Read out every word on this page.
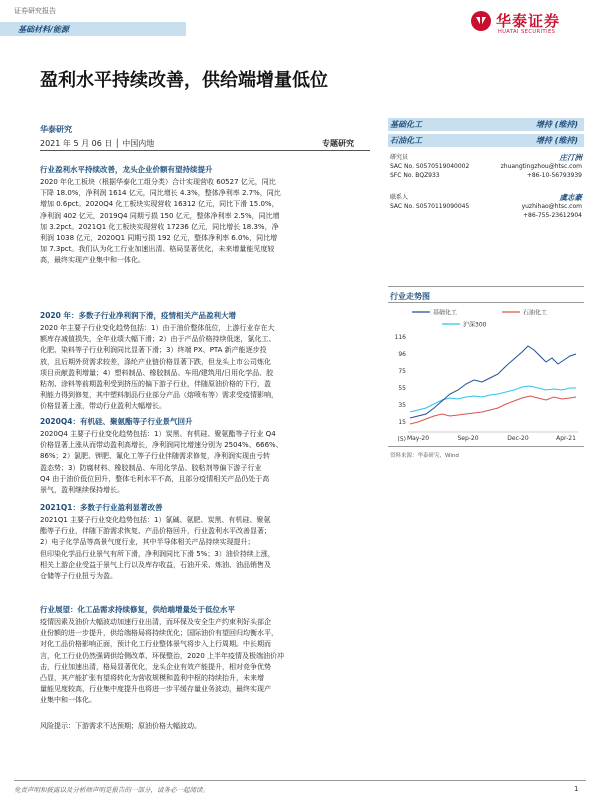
证券研究报告
基础材料/能源	华泰证券
HUATAI SECURITIES
盈利水平持续改善，供给端增量低位
华泰研究
2021 年 5 月 06 日 │ 中国内地	专题研究
行业盈利水平持续改善，龙头企业价额有望持续提升
2020 年化工板块（根据华泰化工组分类）合计实现营收 60527 亿元，同比
下降 18.0%，净利润 1614 亿元，同比增长 4.3%，整体净利率 2.7%，同比
增加 0.6pct。2020Q4 化工板块实现营收 16312 亿元，同比下滑 15.0%，
净利润 402 亿元，2019Q4 同期亏损 150 亿元，整体净利率 2.5%，同比增
加 3.2pct。2021Q1 化工板块实现营收 17236 亿元，同比增长 18.3%，净
利润 1038 亿元，2020Q1 同期亏损 192 亿元，整体净利率 6.0%，同比增
加 7.3pct。我们认为化工行业加速出清、格局显著优化，未来增量能见度较
高，最终实现产业集中和一体化。
2020 年：多数子行业净利润下滑，疫情相关产品盈利大增
2020 年主要子行业变化趋势包括：1）由于油价整体低位，上游行业存在大
额库存减值损失，全年业绩大幅下滑；2）由于产品价格持续低迷，氯化工、
化肥、染料等子行业利润同比显著下滑；3）终端 PX、PTA 新产能逐步投
放，且后期外贸需求较差，涤纶产业链价格显著下跌，但龙头上市公司炼化
项目贡献盈利增量；4）塑料制品、橡胶制品、车用/建筑用/日用化学品、胶
粘剂、涂料等前期盈利受到挤压的偏下游子行业，伴随原油价格的下行，盈
利能力得到修复，其中塑料制品行业部分产品（熔喷布等）需求受疫情影响，
价格显著上涨，带动行业盈利大幅增长。
2020Q4：有机硅、聚氨酯等子行业景气回升
2020Q4 主要子行业变化趋势包括：1）炭黑、有机硅、聚氨酯等子行业 Q4
价格显著上涨从而带动盈利高增长，净利润同比增速分别为 2504%、666%、
86%；2）氯肥、钾肥、氟化工等子行业伴随需求修复，净利润实现由亏转
盈态势；3）防腐材料、橡胶制品、车用化学品、胶粘剂等偏下游子行业
Q4 由于油价低位回升，整体毛利水平不高，且部分疫情相关产品仍处于高
景气，盈利继续保持增长。
2021Q1：多数子行业盈利显著改善
2021Q1 主要子行业变化趋势包括：1）氯碱、氨肥、炭黑、有机硅、聚氨
酯等子行业，伴随下游需求恢复、产品价格回升，行业盈利水平改善显著；
2）电子化学品等高景气度行业，其中半导体相关产品持续实现提升；
但印染化学品行业景气有所下滑，净利润同比下滑 5%；3）油价持续上涨，
相关上游企业受益于景气上行以及库存收益，石油开采、炼油、油品销售及
仓储等子行业扭亏为盈。
行业展望：化工品需求持续修复，供给端增量处于低位水平
疫情因素及油价大幅波动加速行业出清，而环保及安全生产约束利好头部企
业份额的进一步提升，供给端格局将持续优化；国际油价有望回归均衡水平，
对化工品价格影响正面，预计化工行业整体景气将步入上行周期。中长期而
言，化工行业仍然强调供给侧改革、环保整治，2020 上半年疫情及极端油价冲
击，行业加速出清，格局显著优化，龙头企业有效产能提升，相对竞争优势
凸显，其产能扩张有望将转化为营收规模和盈利中枢的持续抬升，未来增
量能见度较高，行业集中度提升也将进一步平缓存量业务波动，最终实现产
业集中和一体化。
风险提示：下游需求不达预期；原油价格大幅波动。
基础化工	增持 (维持)
石油化工	增持 (维持)
研究员	庄汀洲
SAC No. S0570519040002	zhuangtingzhou@htsc.com
SFC No. BQZ933	+86-10-56793939
联系人	虞志豪
SAC No. S0570119090045	yuzhihao@htsc.com
+86-755-23612904
行业走势图
基础化工	石油化工
沪深300
116
96
75
55
35
15
(5) May-20	Sep-20	Dec-20	Apr-21
资料来源：华泰研究，Wind
免责声明和披露以及分析师声明是报告的一部分，请务必一起阅读。	1
